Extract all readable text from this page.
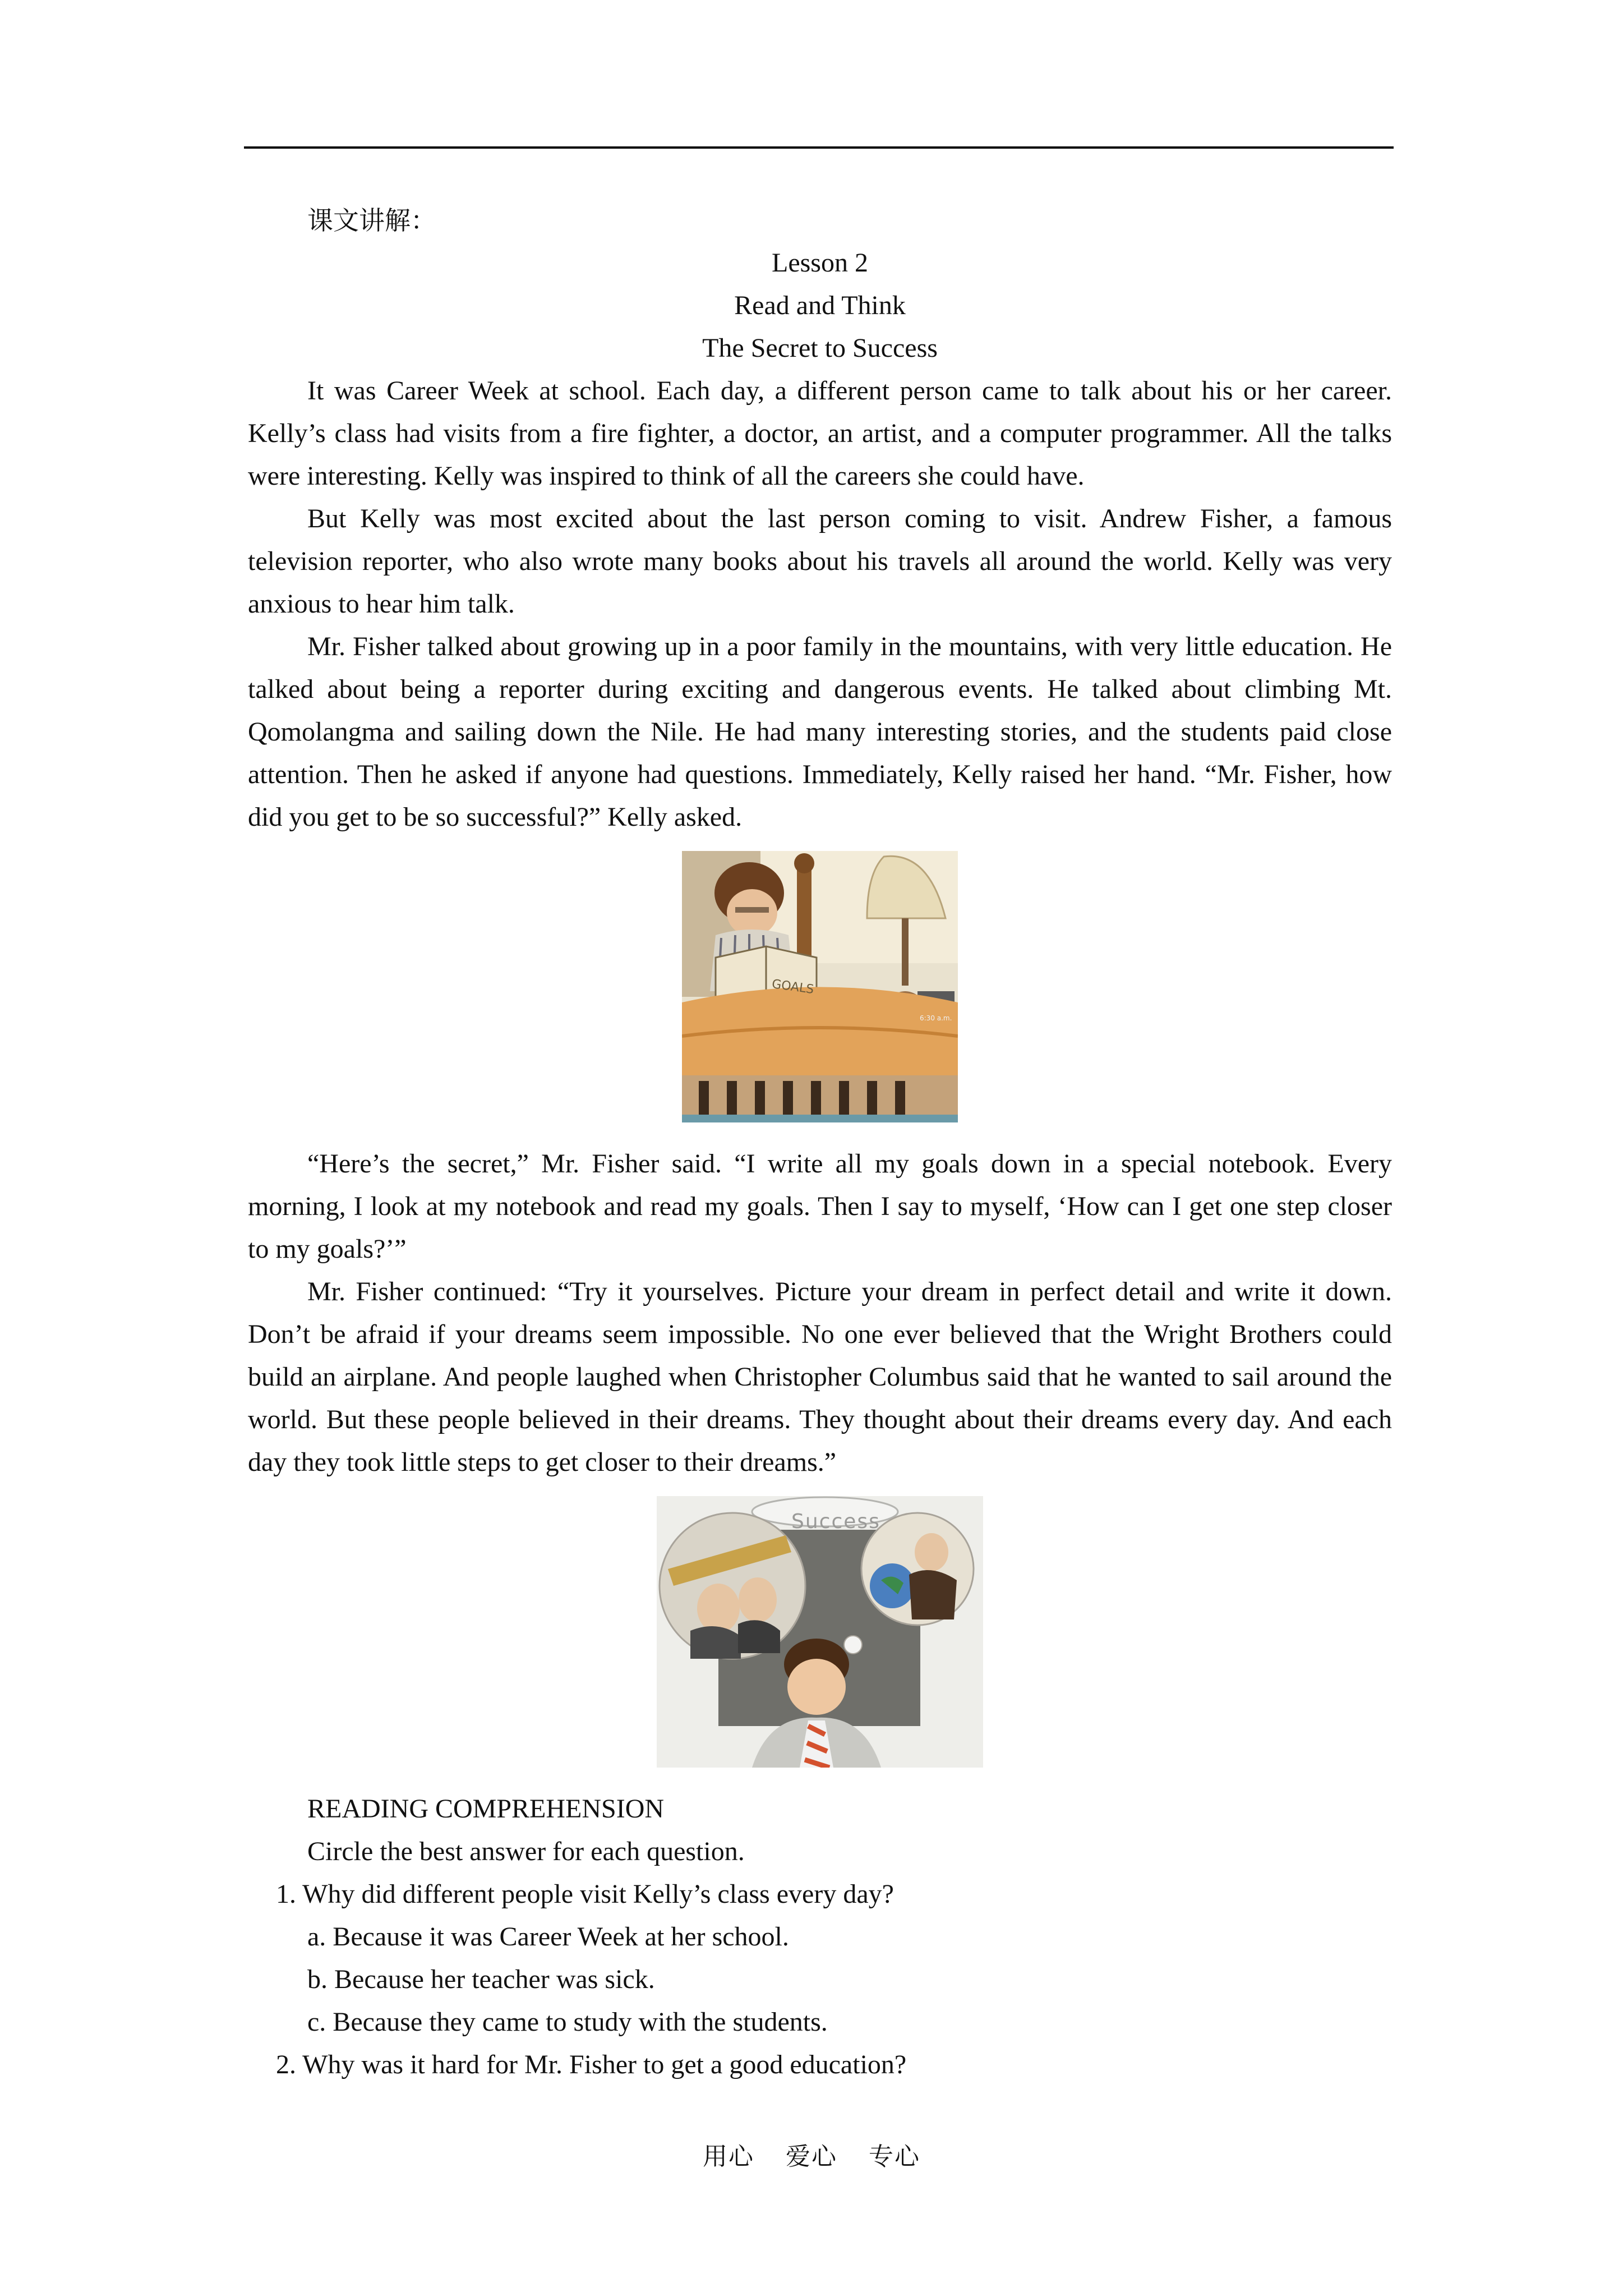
课文讲解：

Lesson 2

Read and Think

The Secret to Success

It was Career Week at school. Each day, a different person came to talk about his or her career. Kelly’s class had visits from a fire fighter, a doctor, an artist, and a computer programmer. All the talks were interesting. Kelly was inspired to think of all the careers she could have.

But Kelly was most excited about the last person coming to visit. Andrew Fisher, a famous television reporter, who also wrote many books about his travels all around the world. Kelly was very anxious to hear him talk.

Mr. Fisher talked about growing up in a poor family in the mountains, with very little education. He talked about being a reporter during exciting and dangerous events. He talked about climbing Mt. Qomolangma and sailing down the Nile. He had many interesting stories, and the students paid close attention. Then he asked if anyone had questions. Immediately, Kelly raised her hand. “Mr. Fisher, how did you get to be so successful?” Kelly asked.

GOALS
6:30 a.m.

“Here’s the secret,” Mr. Fisher said. “I write all my goals down in a special notebook. Every morning, I look at my notebook and read my goals. Then I say to myself, ‘How can I get one step closer to my goals?’”

Mr. Fisher continued: “Try it yourselves. Picture your dream in perfect detail and write it down. Don’t be afraid if your dreams seem impossible. No one ever believed that the Wright Brothers could build an airplane. And people laughed when Christopher Columbus said that he wanted to sail around the world. But these people believed in their dreams. They thought about their dreams every day. And each day they took little steps to get closer to their dreams.”

Success

READING COMPREHENSION

Circle the best answer for each question.

1. Why did different people visit Kelly’s class every day?

a. Because it was Career Week at her school.

b. Because her teacher was sick.

c. Because they came to study with the students.

2. Why was it hard for Mr. Fisher to get a good education?

用心 爱心 专心
